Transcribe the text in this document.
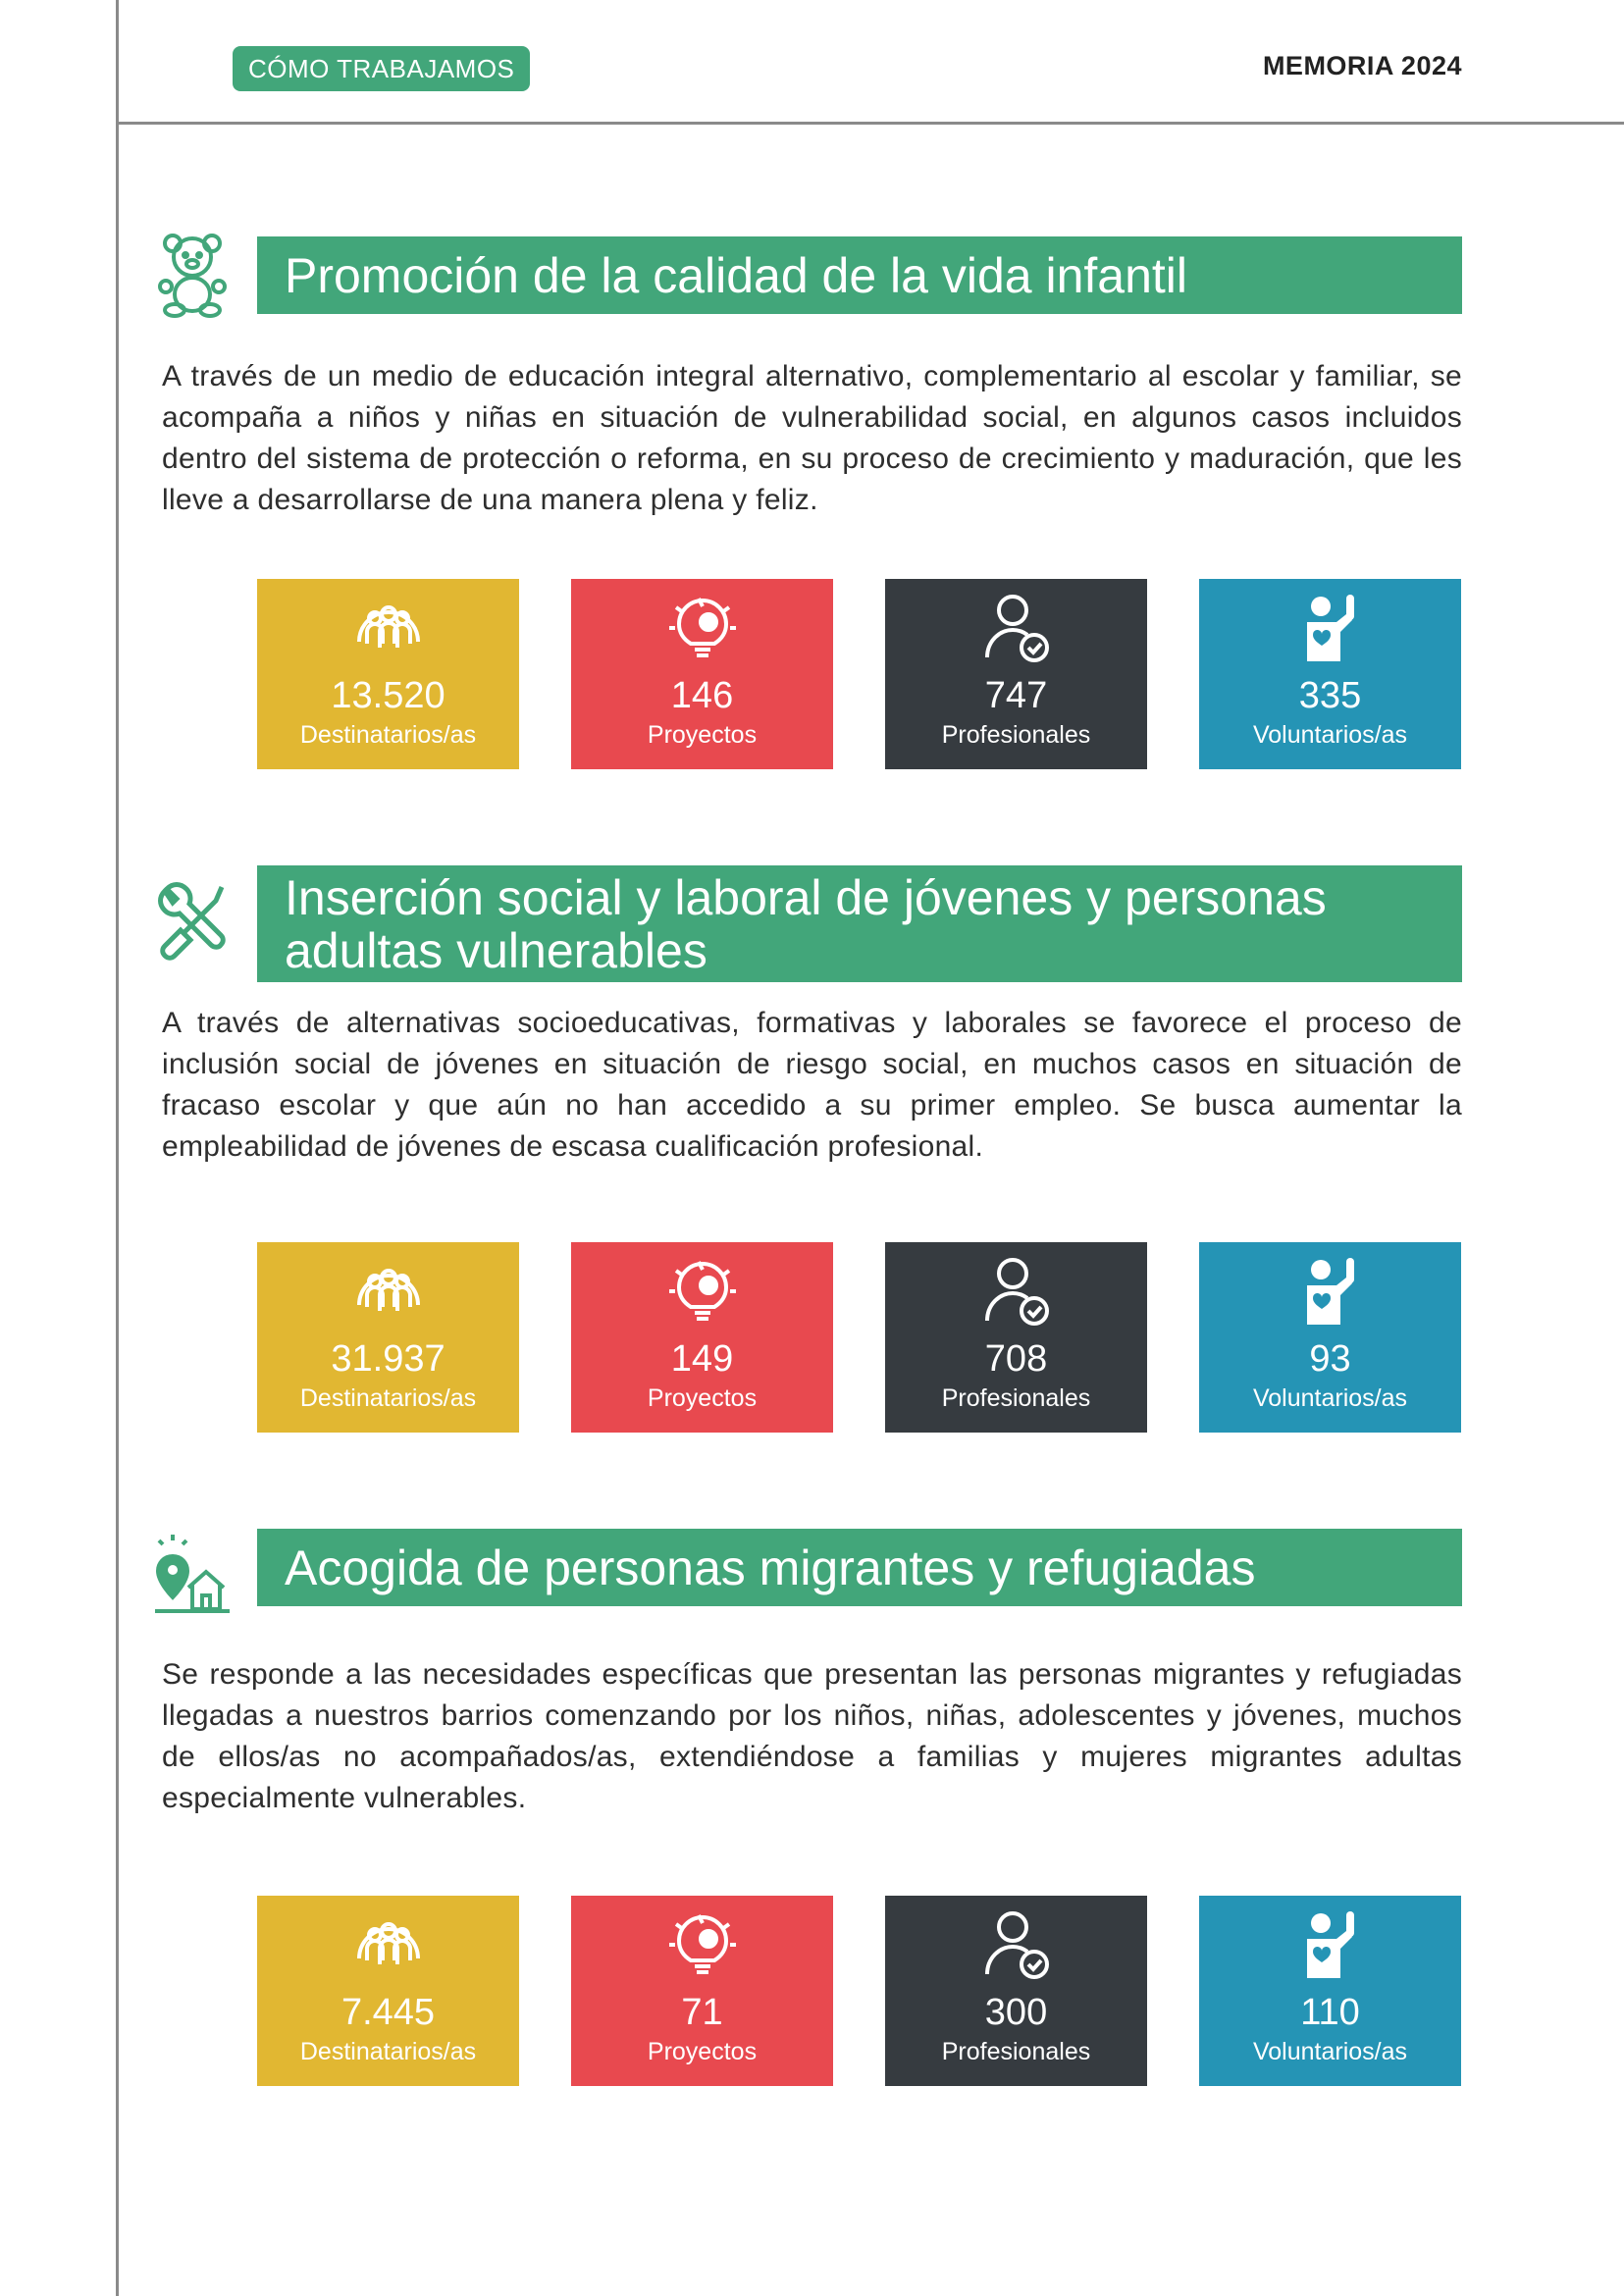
CÓMO TRABAJAMOS	MEMORIA 2024
Promoción de la calidad de la vida infantil
A través de un medio de educación integral alternativo, complementario al escolar y familiar, se acompaña a niños y niñas en situación de vulnerabilidad social, en algunos casos incluidos dentro del sistema de protección o reforma, en su proceso de crecimiento y maduración, que les lleve a desarrollarse de una manera plena y feliz.
13.520
Destinatarios/as
146
Proyectos
747
Profesionales
335
Voluntarios/as
Inserción social y laboral de jóvenes y personas adultas vulnerables
A través de alternativas socioeducativas, formativas y laborales se favorece el proceso de inclusión social de jóvenes en situación de riesgo social, en muchos casos en situación de fracaso escolar y que aún no han accedido a su primer empleo. Se busca aumentar la empleabilidad de jóvenes de escasa cualificación profesional.
31.937
Destinatarios/as
149
Proyectos
708
Profesionales
93
Voluntarios/as
Acogida de personas migrantes y refugiadas
Se responde a las necesidades específicas que presentan las personas migrantes y refugiadas llegadas a nuestros barrios comenzando por los niños, niñas, adolescentes y jóvenes, muchos de ellos/as no acompañados/as, extendiéndose a familias y mujeres migrantes adultas especialmente vulnerables.
7.445
Destinatarios/as
71
Proyectos
300
Profesionales
110
Voluntarios/as
